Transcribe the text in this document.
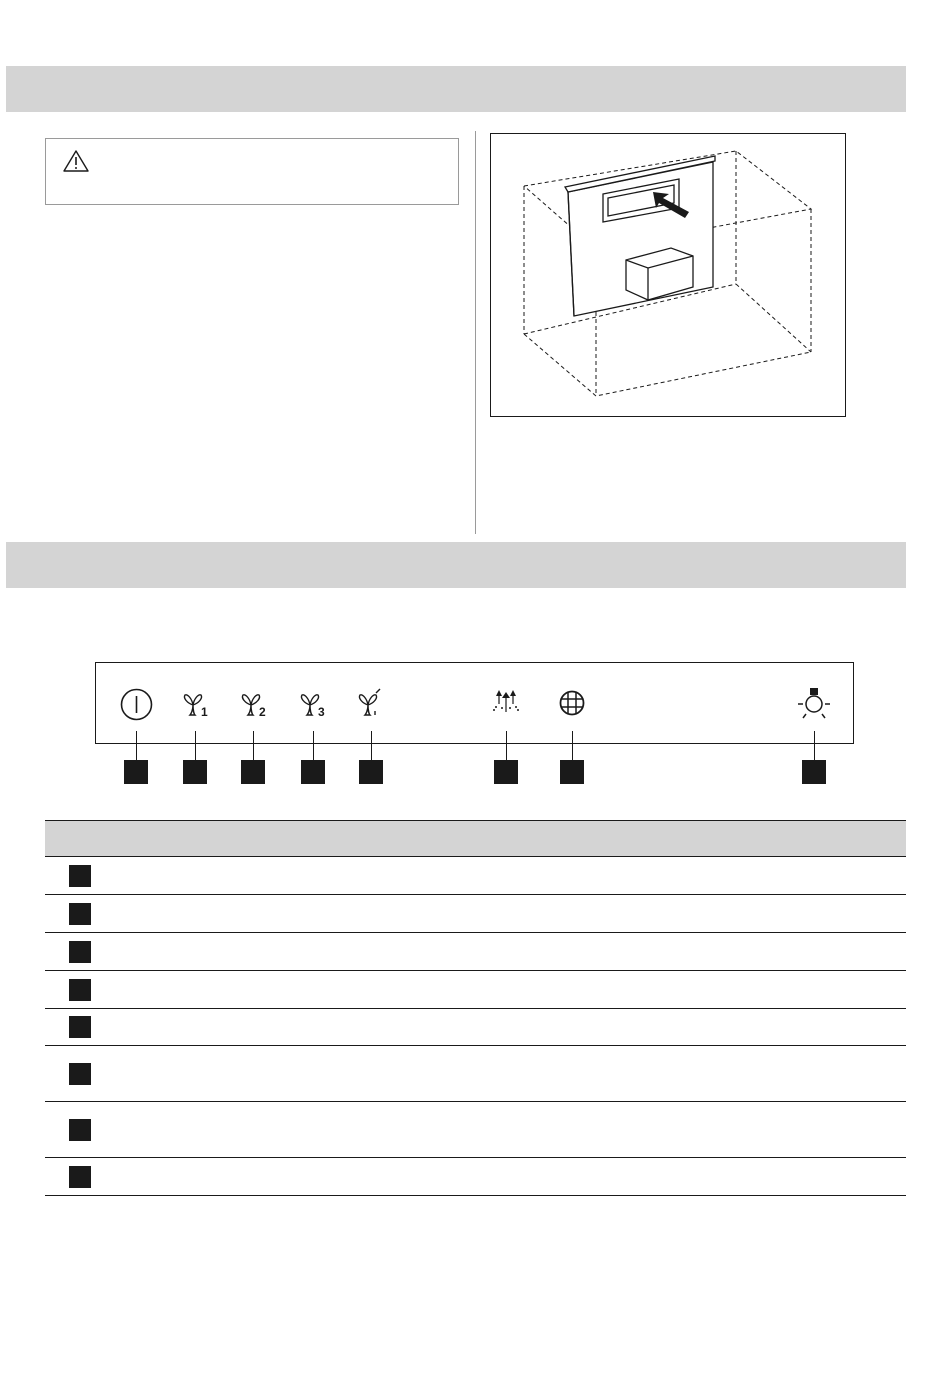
1	2	3
